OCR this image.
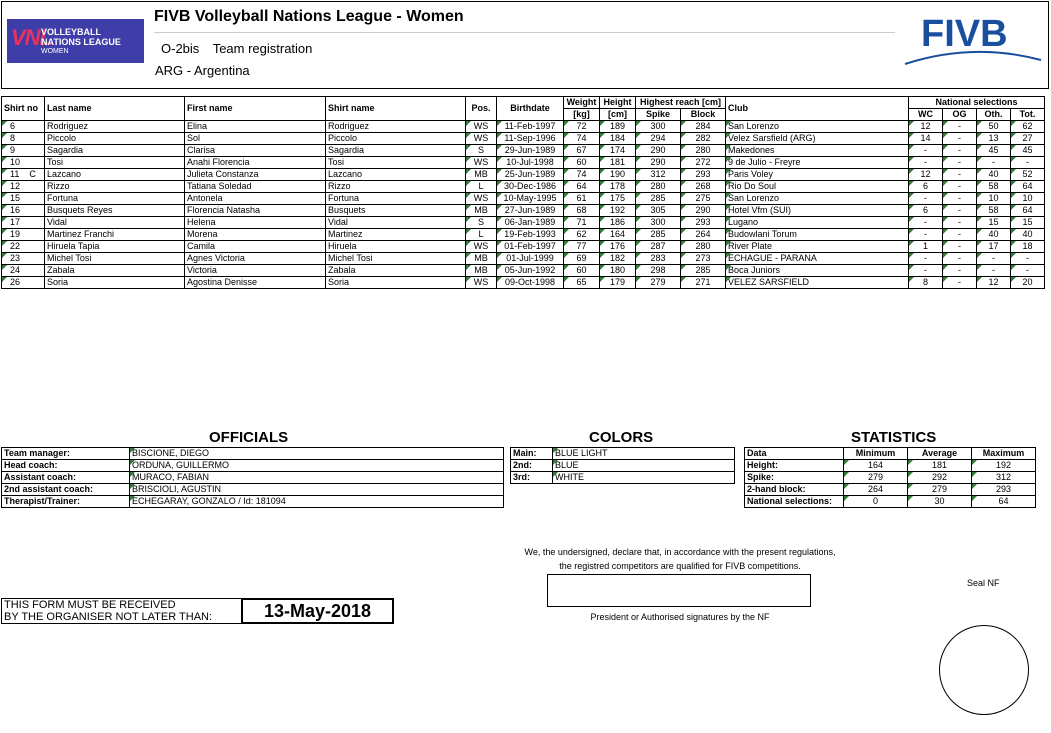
VNL
VOLLEYBALL
NATIONS LEAGUE
WOMEN
FIVB Volleyball Nations League - Women
O-2bis Team registration
ARG - Argentina
FIVB
Shirt no	Last name	First name	Shirt name	Pos.	Birthdate	Weight	Height	Highest reach [cm]		Club	National selections			
						[kg]	[cm]	Spike	Block		WC	OG	Oth.	Tot.
6	Rodriguez	Elina	Rodriguez	WS	11-Feb-1997	72	189	300	284	San Lorenzo	12	-	50	62
8	Piccolo	Sol	Piccolo	WS	11-Sep-1996	74	184	294	282	Velez Sarsfield (ARG)	14	-	13	27
9	Sagardia	Clarisa	Sagardia	S	29-Jun-1989	67	174	290	280	Makedones	-	-	45	45
10	Tosi	Anahi Florencia	Tosi	WS	10-Jul-1998	60	181	290	272	9 de Julio - Freyre	-	-	-	-
11 C	Lazcano	Julieta Constanza	Lazcano	MB	25-Jun-1989	74	190	312	293	Paris Voley	12	-	40	52
12	Rizzo	Tatiana Soledad	Rizzo	L	30-Dec-1986	64	178	280	268	Rio Do Soul	6	-	58	64
15	Fortuna	Antonela	Fortuna	WS	10-May-1995	61	175	285	275	San Lorenzo	-	-	10	10
16	Busquets Reyes	Florencia Natasha	Busquets	MB	27-Jun-1989	68	192	305	290	Hotel Vfm (SUI)	6	-	58	64
17	Vidal	Helena	Vidal	S	06-Jan-1989	71	186	300	293	Lugano	-	-	15	15
19	Martinez Franchi	Morena	Martinez	L	19-Feb-1993	62	164	285	264	Budowlani Torum	-	-	40	40
22	Hiruela Tapia	Camila	Hiruela	WS	01-Feb-1997	77	176	287	280	River Plate	1	-	17	18
23	Michel Tosi	Agnes Victoria	Michel Tosi	MB	01-Jul-1999	69	182	283	273	ECHAGUE - PARANA	-	-	-	-
24	Zabala	Victoria	Zabala	MB	05-Jun-1992	60	180	298	285	Boca Juniors	-	-	-	-
26	Soria	Agostina Denisse	Soria	WS	09-Oct-1998	65	179	279	271	VELEZ SARSFIELD	8	-	12	20
OFFICIALS
Team manager:	BISCIONE, DIEGO
Head coach:	ORDUNA, GUILLERMO
Assistant coach:	MURACO, FABIAN
2nd assistant coach:	BRISCIOLI, AGUSTIN
Therapist/Trainer:	ECHEGARAY, GONZALO / Id: 181094
COLORS
Main:	BLUE LIGHT
2nd:	BLUE
3rd:	WHITE
STATISTICS
Data	Minimum	Average	Maximum
Height:	164	181	192
Spike:	279	292	312
2-hand block:	264	279	293
National selections:	0	30	64
We, the undersigned, declare that, in accordance with the present regulations,
the registred competitors are qualified for FIVB competitions.
President or Authorised signatures by the NF
Seal NF
THIS FORM MUST BE RECEIVED
BY THE ORGANISER NOT LATER THAN:	13-May-2018
